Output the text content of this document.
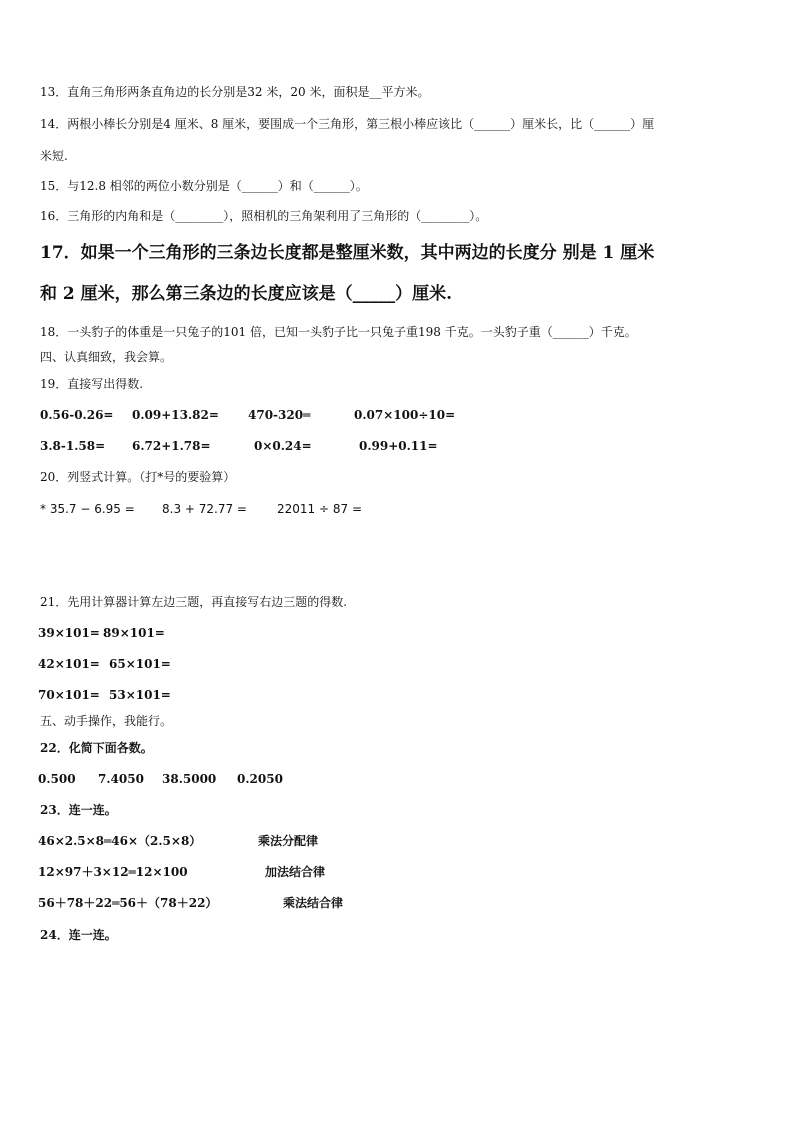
13．直角三角形两条直角边的长分别是32 米，20 米，面积是__平方米。
14．两根小棒长分别是4 厘米、8 厘米，要围成一个三角形，第三根小棒应该比（______）厘米长，比（______）厘
米短.
15．与12.8 相邻的两位小数分别是（______）和（______）。
16．三角形的内角和是（________），照相机的三角架利用了三角形的（________）。
17．如果一个三角形的三条边长度都是整厘米数，其中两边的长度分 别是 1 厘米
和 2 厘米，那么第三条边的长度应该是（_____）厘米.
18．一头豹子的体重是一只兔子的101 倍，已知一头豹子比一只兔子重198 千克。一头豹子重（______）千克。
四、认真细致，我会算。
19．直接写出得数.
0.56-0.26= 0.09+13.82= 470-320═	0.07×100÷10=
3.8-1.58= 6.72+1.78=	0×0.24=	0.99+0.11=
20．列竖式计算。（打*号的要验算）
* 35.7 − 6.95 = 8.3 + 72.77 =	22011 ÷ 87 =
21．先用计算器计算左边三题，再直接写右边三题的得数.
39×101= 89×101=
42×101= 65×101=
70×101= 53×101=
五、动手操作，我能行。
22．化简下面各数。
0.500 7.4050 38.5000 0.2050
23．连一连。
46×2.5×8═46×（2.5×8）	乘法分配律
12×97＋3×12═12×100	加法结合律
56＋78＋22═56＋（78＋22）	乘法结合律
24．连一连。
